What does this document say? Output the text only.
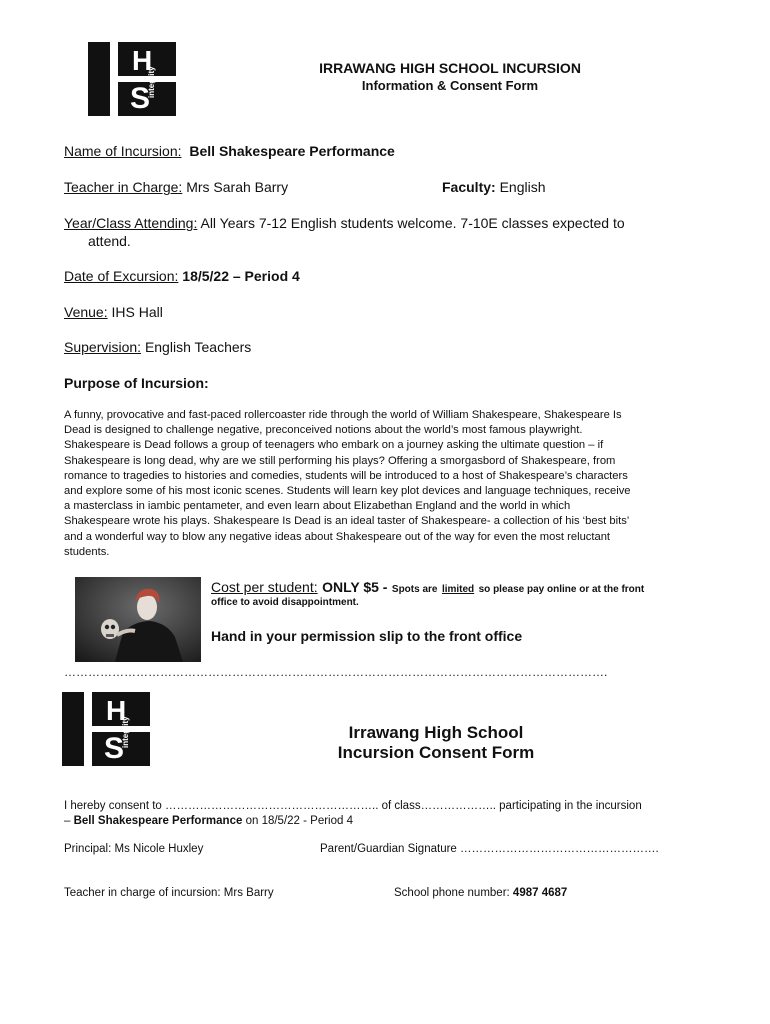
H
S
integrity	IRRAWANG HIGH SCHOOL INCURSION
Information & Consent Form
Name of Incursion: Bell Shakespeare Performance
Teacher in Charge: Mrs Sarah Barry	Faculty: English
Year/Class Attending: All Years 7-12 English students welcome. 7-10E classes expected to
attend.
Date of Excursion: 18/5/22 – Period 4
Venue: IHS Hall
Supervision: English Teachers
Purpose of Incursion:
A funny, provocative and fast-paced rollercoaster ride through the world of William Shakespeare, Shakespeare Is
Dead is designed to challenge negative, preconceived notions about the world’s most famous playwright.
Shakespeare is Dead follows a group of teenagers who embark on a journey asking the ultimate question – if
Shakespeare is long dead, why are we still performing his plays? Offering a smorgasbord of Shakespeare, from
romance to tragedies to histories and comedies, students will be introduced to a host of Shakespeare’s characters
and explore some of his most iconic scenes. Students will learn key plot devices and language techniques, receive
a masterclass in iambic pentameter, and even learn about Elizabethan England and the world in which
Shakespeare wrote his plays. Shakespeare Is Dead is an ideal taster of Shakespeare- a collection of his ‘best bits’
and a wonderful way to blow any negative ideas about Shakespeare out of the way for even the most reluctant
students.
Cost per student: ONLY $5 - Spots are limited so please pay online or at the front
office to avoid disappointment.
Hand in your permission slip to the front office
……………………………………………………………………………………………………………………….
H
S
integrity	Irrawang High School
Incursion Consent Form
I hereby consent to ……………………………………………….. of class……………….. participating in the incursion
– Bell Shakespeare Performance on 18/5/22 - Period 4
Principal: Ms Nicole Huxley	Parent/Guardian Signature …………………………………………….
Teacher in charge of incursion: Mrs Barry	School phone number: 4987 4687
